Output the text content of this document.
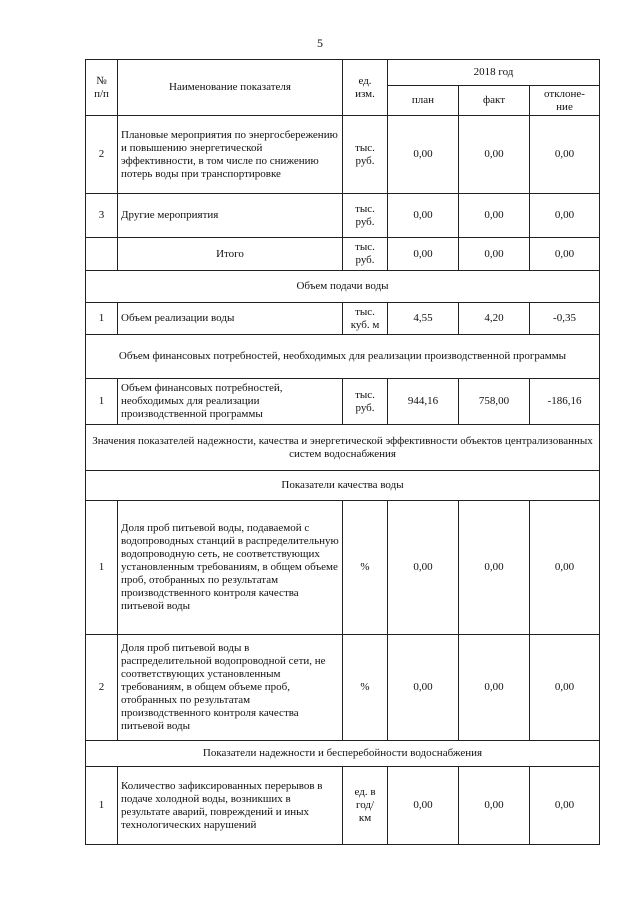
5
№
п/п	Наименование показателя	ед.
изм.	2018 год		
			план	факт	отклоне-
ние
2	Плановые мероприятия по энергосбережению и повышению энергетической эффективности, в том числе по снижению потерь воды при транспортировке	тыс.
руб.	0,00	0,00	0,00
3	Другие мероприятия	тыс.
руб.	0,00	0,00	0,00
	Итого	тыс.
руб.	0,00	0,00	0,00
Объем подачи воды					
1	Объем реализации воды	тыс.
куб. м	4,55	4,20	-0,35
Объем финансовых потребностей, необходимых для реализации производственной программы					
1	Объем финансовых потребностей, необходимых для реализации производственной программы	тыс.
руб.	944,16	758,00	-186,16
Значения показателей надежности, качества и энергетической эффективности объектов централизованных систем водоснабжения					
Показатели качества воды					
1	Доля проб питьевой воды, подаваемой с водопроводных станций в распределительную водопроводную сеть, не соответствующих установленным требованиям, в общем объеме проб, отобранных по результатам производственного контроля качества питьевой воды	%	0,00	0,00	0,00
2	Доля проб питьевой воды в распределительной водопроводной сети, не соответствующих установленным требованиям, в общем объеме проб, отобранных по результатам производственного контроля качества питьевой воды	%	0,00	0,00	0,00
Показатели надежности и бесперебойности водоснабжения					
1	Количество зафиксированных перерывов в подаче холодной воды, возникших в результате аварий, повреждений и иных технологических нарушений	ед. в
год/
км	0,00	0,00	0,00
